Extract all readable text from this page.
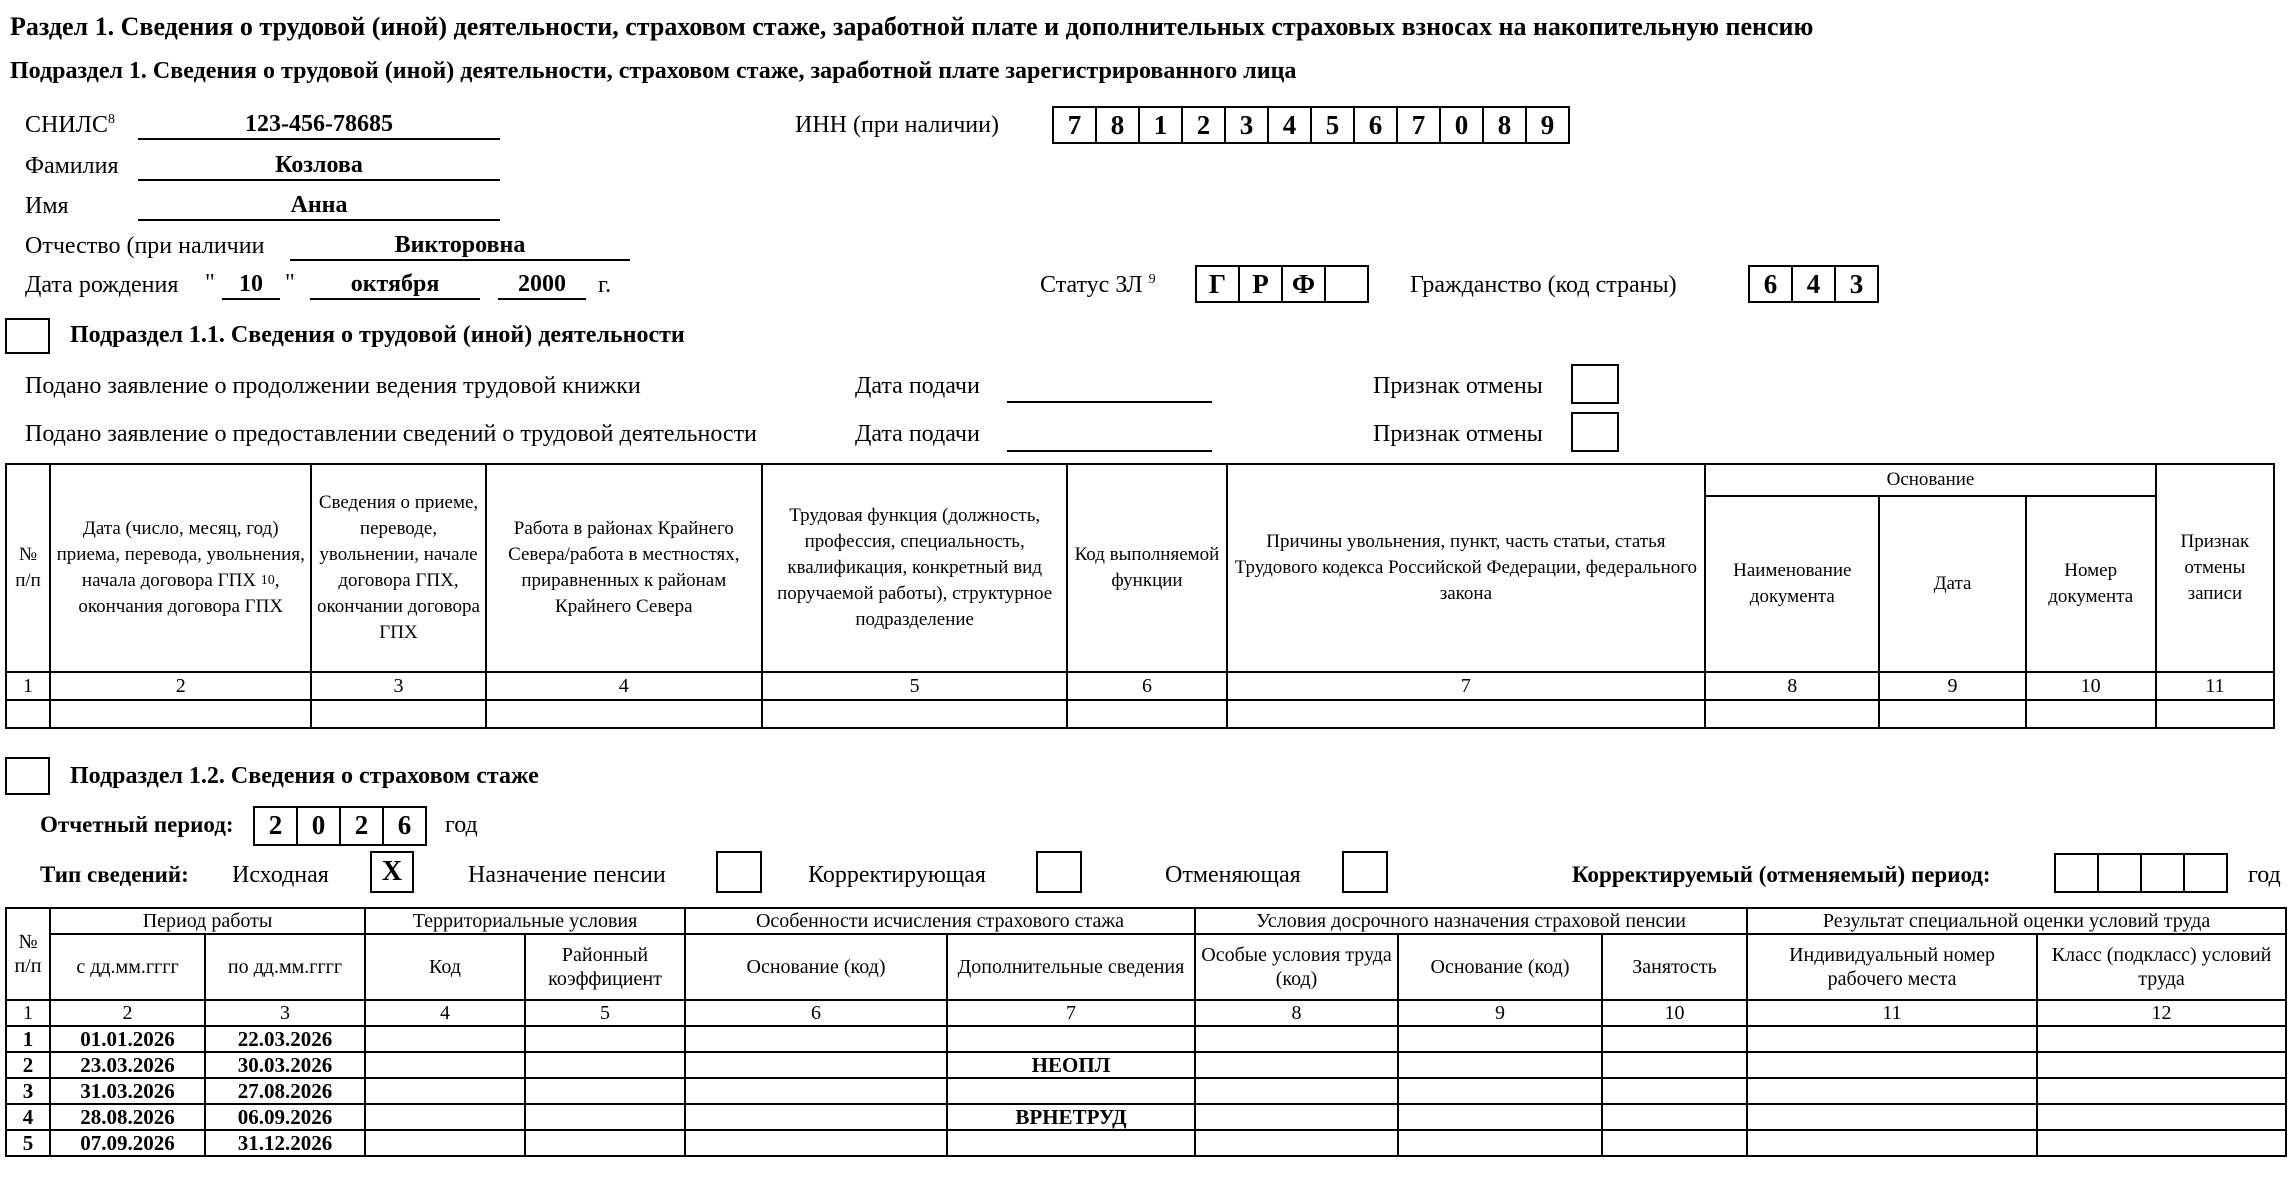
Раздел 1. Сведения о трудовой (иной) деятельности, страховом стаже, заработной плате и дополнительных страховых взносах на накопительную пенсию
Подраздел 1. Сведения о трудовой (иной) деятельности, страховом стаже, заработной плате зарегистрированного лица
СНИЛС$^8$	123-456-78685	ИНН (при наличии)	7	8	1	2	3	4	5	6	7	0	8	9
Фамилия	Козлова
Имя	Анна
Отчество (при наличии	Викторовна
Дата рождения	"	10 "	октября	2000	г.	Статус ЗЛ $^9$	Г Р Ф	Гражданство (код страны)	6	4	3
Подраздел 1.1. Сведения о трудовой (иной) деятельности
Подано заявление о продолжении ведения трудовой книжки	Дата подачи	Признак отмены
Подано заявление о предоставлении сведений о трудовой деятельности	Дата подачи	Признак отмены
№ п/п	Дата (число, месяц, год) приема, перевода, увольнения, начала договора ГПХ $^{10}$, окончания договора ГПХ	Сведения о приеме, переводе, увольнении, начале договора ГПХ, окончании договора ГПХ	Работа в районах Крайнего Севера/работа в местностях, приравненных к районам Крайнего Севера	Трудовая функция (должность, профессия, специальность, квалификация, конкретный вид поручаемой работы), структурное подразделение	Код выполняемой функции	Причины увольнения, пункт, часть статьи, статья Трудового кодекса Российской Федерации, федерального закона	Основание			Признак отмены записи
							Наименование документа	Дата	Номер документа	
1	2	3	4	5	6	7	8	9	10	11

Подраздел 1.2. Сведения о страховом стаже
Отчетный период:	2	0	2	6	год
Тип сведений: Исходная	X	Назначение пенсии	Корректирующая	Отменяющая	Корректируемый (отменяемый) период:	год
№ п/п	Период работы		Территориальные условия		Особенности исчисления страхового стажа		Условия досрочного назначения страховой пенсии			Результат специальной оценки условий труда	
	с дд.мм.гггг	по дд.мм.гггг	Код	Районный коэффициент	Основание (код)	Дополнительные сведения	Особые условия труда (код)	Основание (код)	Занятость	Индивидуальный номер рабочего места	Класс (подкласс) условий труда
1	2	3	4	5	6	7	8	9	10	11	12
1	01.01.2026	22.03.2026									
2	23.03.2026	30.03.2026				НЕОПЛ					
3	31.03.2026	27.08.2026									
4	28.08.2026	06.09.2026				ВРНЕТРУД					
5	07.09.2026	31.12.2026									
